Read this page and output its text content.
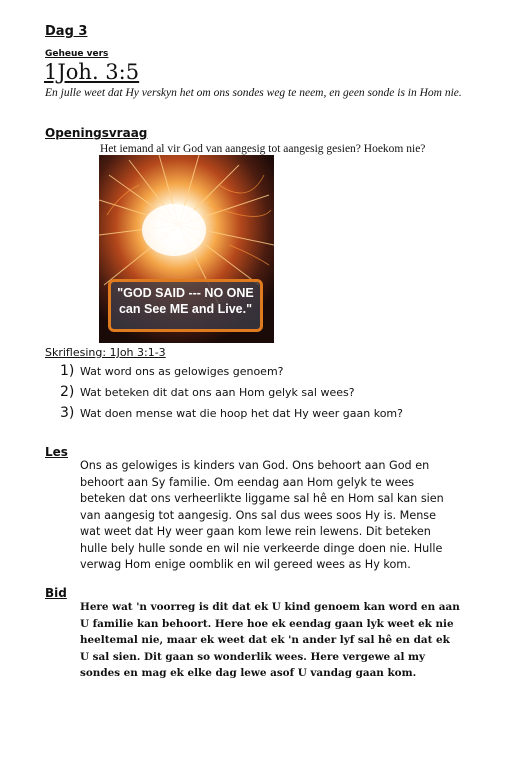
Dag 3
Geheue vers
1Joh. 3:5
En julle weet dat Hy verskyn het om ons sondes weg te neem, en geen sonde is in Hom nie.
Openingsvraag
Het iemand al vir God van aangesig tot aangesig gesien? Hoekom nie?
"GOD SAID --- NO ONE can See ME and Live."
Skriflesing: 1Joh 3:1-3
1) Wat word ons as gelowiges genoem?
2) Wat beteken dit dat ons aan Hom gelyk sal wees?
3) Wat doen mense wat die hoop het dat Hy weer gaan kom?
Les
Ons as gelowiges is kinders van God. Ons behoort aan God en behoort aan Sy familie. Om eendag aan Hom gelyk te wees beteken dat ons verheerlikte liggame sal hê en Hom sal kan sien van aangesig tot aangesig. Ons sal dus wees soos Hy is. Mense wat weet dat Hy weer gaan kom lewe rein lewens. Dit beteken hulle bely hulle sonde en wil nie verkeerde dinge doen nie. Hulle verwag Hom enige oomblik en wil gereed wees as Hy kom.
Bid
Here wat 'n voorreg is dit dat ek U kind genoem kan word en aan U familie kan behoort. Here hoe ek eendag gaan lyk weet ek nie heeltemal nie, maar ek weet dat ek 'n ander lyf sal hê en dat ek U sal sien. Dit gaan so wonderlik wees. Here vergewe al my sondes en mag ek elke dag lewe asof U vandag gaan kom.
